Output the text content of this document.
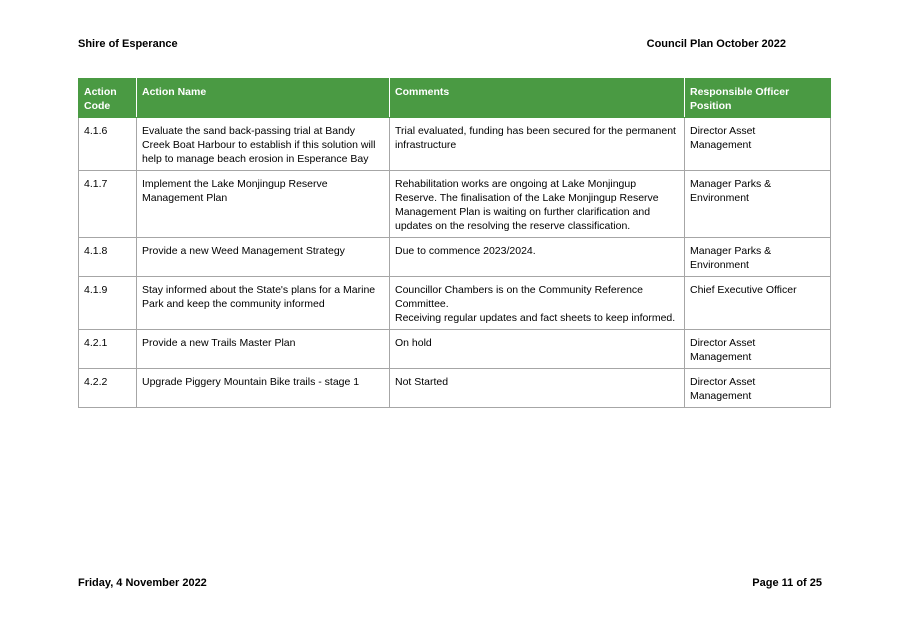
Shire of Esperance	Council Plan October 2022
Action
Code	Action Name	Comments	Responsible Officer
Position
4.1.6	Evaluate the sand back-passing trial at Bandy Creek Boat Harbour to establish if this solution will help to manage beach erosion in Esperance Bay	Trial evaluated, funding has been secured for the permanent infrastructure	Director Asset
Management
4.1.7	Implement the Lake Monjingup Reserve Management Plan	Rehabilitation works are ongoing at Lake Monjingup Reserve. The finalisation of the Lake Monjingup Reserve Management Plan is waiting on further clarification and updates on the resolving the reserve classification.	Manager Parks &
Environment
4.1.8	Provide a new Weed Management Strategy	Due to commence 2023/2024.	Manager Parks &
Environment
4.1.9	Stay informed about the State's plans for a Marine Park and keep the community informed	Councillor Chambers is on the Community Reference Committee.
Receiving regular updates and fact sheets to keep informed.	Chief Executive Officer
4.2.1	Provide a new Trails Master Plan	On hold	Director Asset
Management
4.2.2	Upgrade Piggery Mountain Bike trails - stage 1	Not Started	Director Asset
Management
Friday, 4 November 2022	Page 11 of 25
